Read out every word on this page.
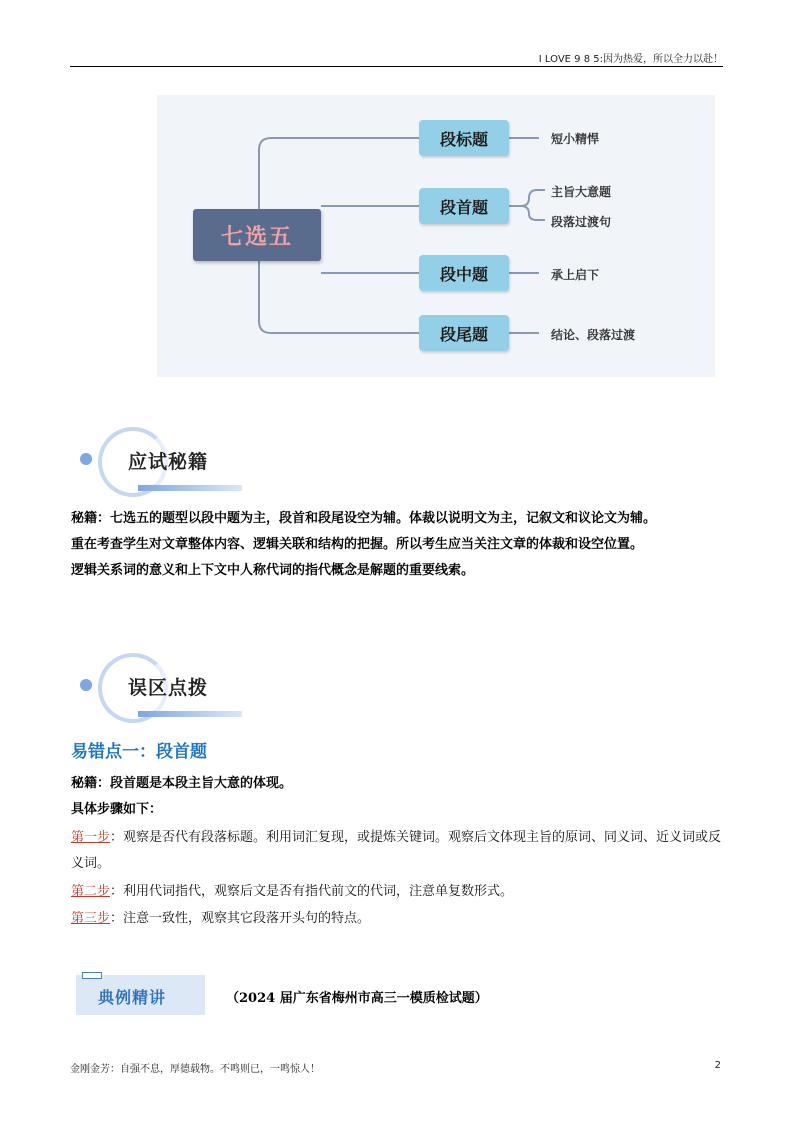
I LOVE 9 8 5:因为热爱，所以全力以赴！
七选五
段标题
段首题
段中题
段尾题
短小精悍
主旨大意题
段落过渡句
承上启下
结论、段落过渡
应试秘籍
秘籍：七选五的题型以段中题为主，段首和段尾设空为辅。体裁以说明文为主，记叙文和议论文为辅。
重在考查学生对文章整体内容、逻辑关联和结构的把握。所以考生应当关注文章的体裁和设空位置。
逻辑关系词的意义和上下文中人称代词的指代概念是解题的重要线索。
误区点拨
易错点一：段首题
秘籍：段首题是本段主旨大意的体现。
具体步骤如下：
第一步：观察是否代有段落标题。利用词汇复现，或提炼关键词。观察后文体现主旨的原词、同义词、近义词或反义词。
第二步：利用代词指代，观察后文是否有指代前文的代词，注意单复数形式。
第三步：注意一致性，观察其它段落开头句的特点。
典例精讲	（2024 届广东省梅州市高三一模质检试题）
金刚金芳：自强不息，厚德载物。不鸣则已，一鸣惊人！	2
